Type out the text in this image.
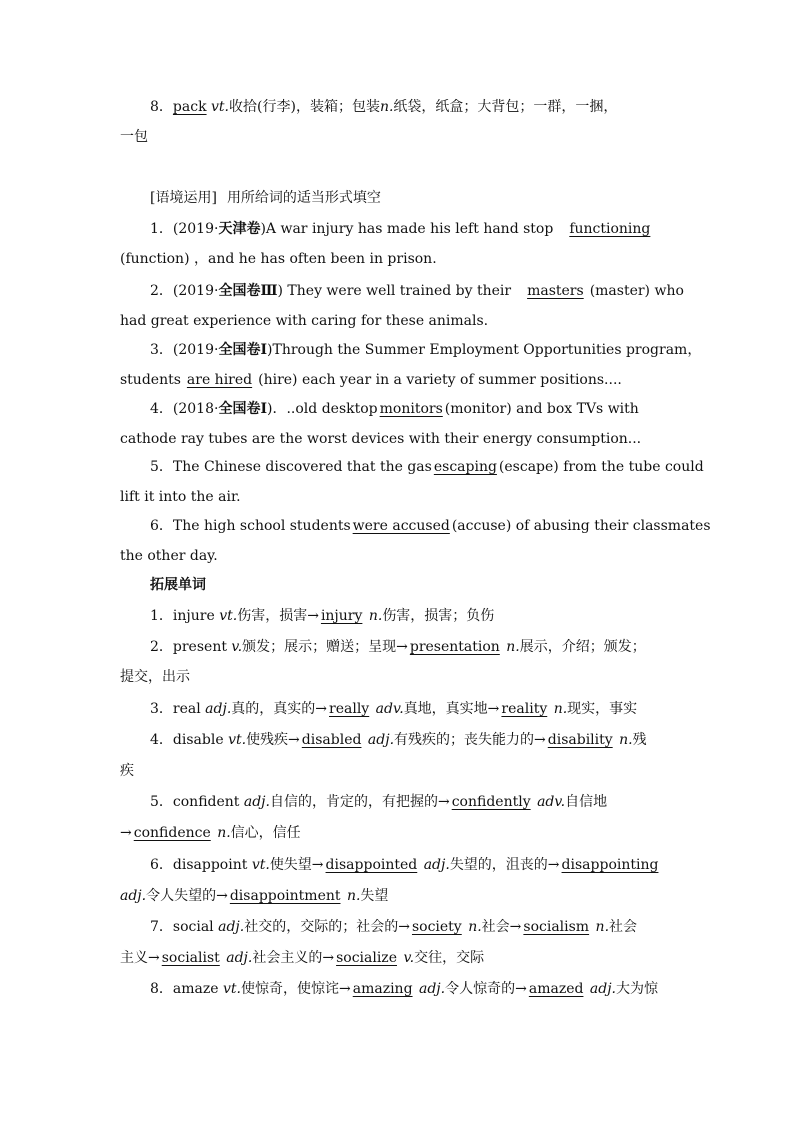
8．pack vt.收拾(行李)，装箱；包装n.纸袋，纸盒；大背包；一群，一捆，
一包
[语境运用] 用所给词的适当形式填空
1．(2019·天津卷)A war injury has made his left hand stop functioning
(function) ，and he has often been in prison.
2．(2019·全国卷Ⅲ) They were well trained by their masters (master) who
had great experience with caring for these animals.
3．(2019·全国卷Ⅰ)Through the Summer Employment Opportunities program，
students are hired (hire) each year in a variety of summer positions....
4．(2018·全国卷Ⅰ)．..old desktop monitors (monitor) and box TVs with
cathode ray tubes are the worst devices with their energy consumption...
5．The Chinese discovered that the gas escaping (escape) from the tube could
lift it into the air.
6．The high school students were accused (accuse) of abusing their classmates
the other day.
拓展单词
1．injure vt.伤害，损害→ injury n.伤害，损害；负伤
2．present v.颁发；展示；赠送；呈现→ presentation n.展示，介绍；颁发；
提交，出示
3．real adj.真的，真实的→ really adv.真地，真实地→ reality n.现实，事实
4．disable vt.使残疾→ disabled adj.有残疾的；丧失能力的→ disability n.残
疾
5．confident adj.自信的，肯定的，有把握的→ confidently adv.自信地
→ confidence n.信心，信任
6．disappoint vt.使失望→ disappointed adj.失望的，沮丧的→ disappointing
adj.令人失望的→ disappointment n.失望
7．social adj.社交的，交际的；社会的→ society n.社会→ socialism n.社会
主义→ socialist adj.社会主义的→ socialize v.交往，交际
8．amaze vt.使惊奇，使惊诧→ amazing adj.令人惊奇的→ amazed adj.大为惊
